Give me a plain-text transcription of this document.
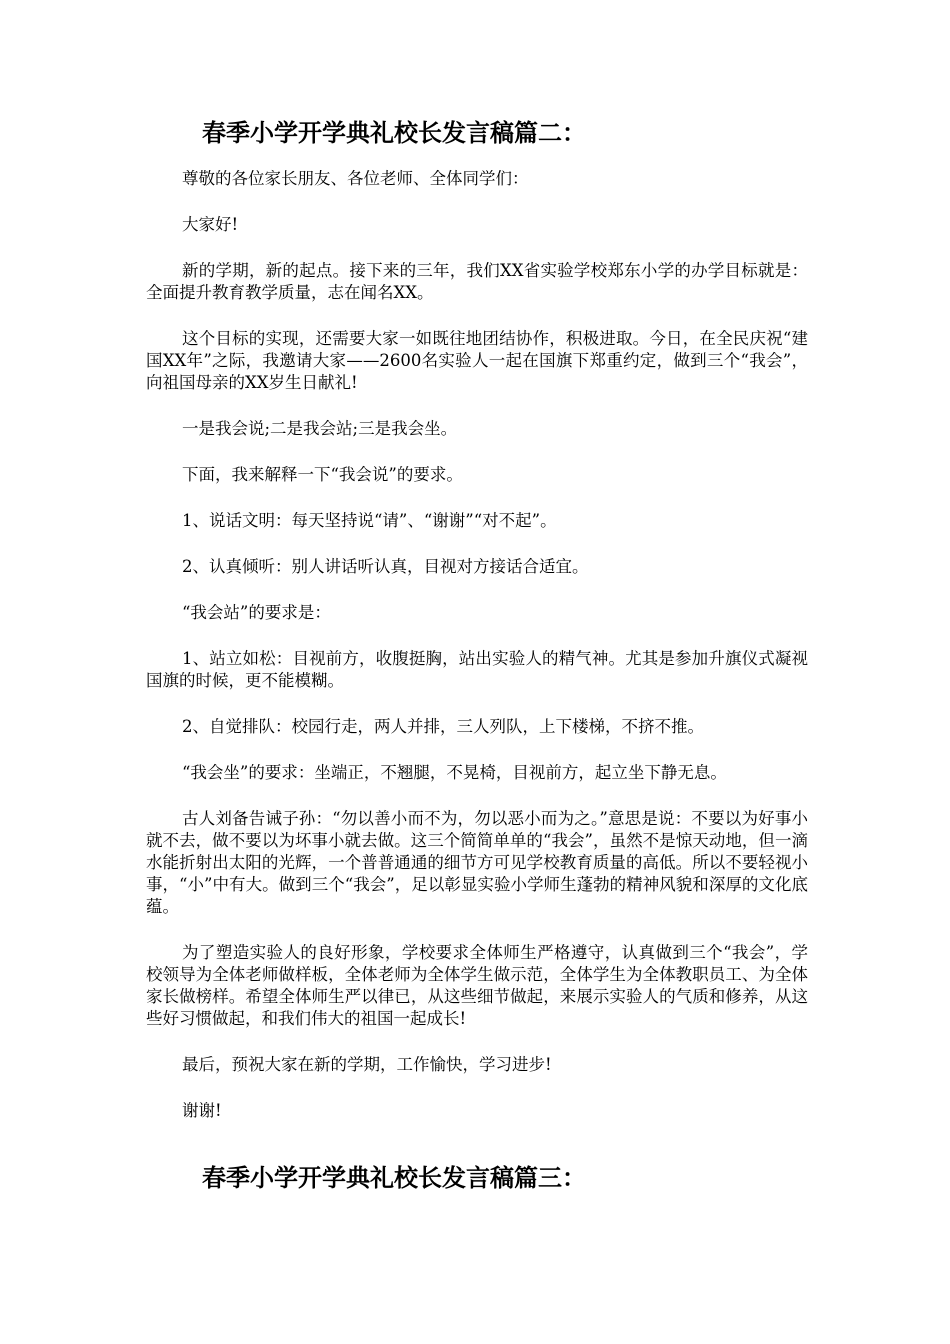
春季小学开学典礼校长发言稿篇二：

尊敬的各位家长朋友、各位老师、全体同学们：

大家好!

新的学期，新的起点。接下来的三年，我们XX省实验学校郑东小学的办学目标就是：全面提升教育教学质量，志在闻名XX。

这个目标的实现，还需要大家一如既往地团结协作，积极进取。今日，在全民庆祝“建国XX年”之际，我邀请大家——2600名实验人一起在国旗下郑重约定，做到三个“我会”，向祖国母亲的XX岁生日献礼!

一是我会说;二是我会站;三是我会坐。

下面，我来解释一下“我会说”的要求。

1、说话文明：每天坚持说“请”、“谢谢”“对不起”。

2、认真倾听：别人讲话听认真，目视对方接话合适宜。

“我会站”的要求是：

1、站立如松：目视前方，收腹挺胸，站出实验人的精气神。尤其是参加升旗仪式凝视国旗的时候，更不能模糊。

2、自觉排队：校园行走，两人并排，三人列队，上下楼梯，不挤不推。

“我会坐”的要求：坐端正，不翘腿，不晃椅，目视前方，起立坐下静无息。

古人刘备告诫子孙：“勿以善小而不为，勿以恶小而为之。”意思是说：不要以为好事小就不去，做不要以为坏事小就去做。这三个简简单单的“我会”，虽然不是惊天动地，但一滴水能折射出太阳的光辉，一个普普通通的细节方可见学校教育质量的高低。所以不要轻视小事，“小”中有大。做到三个“我会”，足以彰显实验小学师生蓬勃的精神风貌和深厚的文化底蕴。

为了塑造实验人的良好形象，学校要求全体师生严格遵守，认真做到三个“我会”，学校领导为全体老师做样板，全体老师为全体学生做示范，全体学生为全体教职员工、为全体家长做榜样。希望全体师生严以律已，从这些细节做起，来展示实验人的气质和修养，从这些好习惯做起，和我们伟大的祖国一起成长!

最后，预祝大家在新的学期，工作愉快，学习进步!

谢谢!

春季小学开学典礼校长发言稿篇三：
